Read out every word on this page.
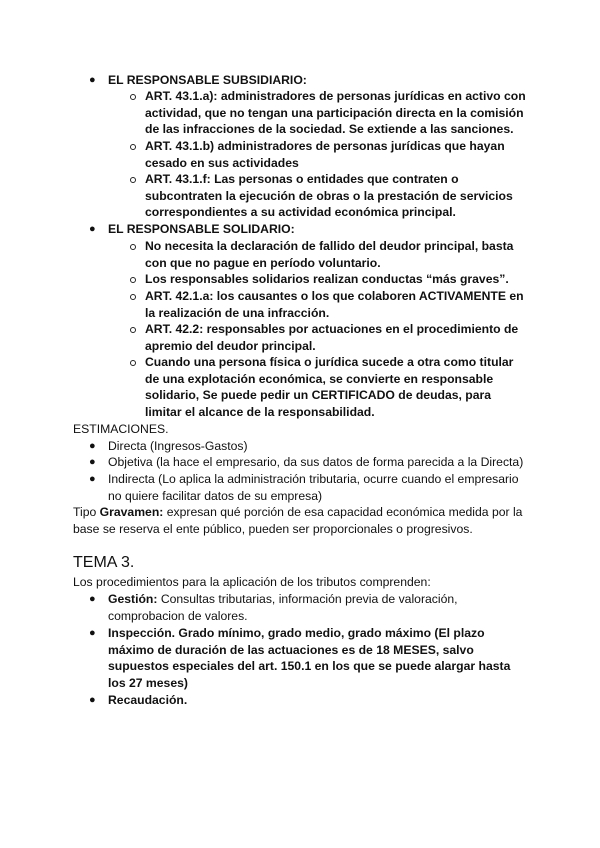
● EL RESPONSABLE SUBSIDIARIO:
ART. 43.1.a): administradores de personas jurídicas en activo con
actividad, que no tengan una participación directa en la comisión
de las infracciones de la sociedad. Se extiende a las sanciones.
ART. 43.1.b) administradores de personas jurídicas que hayan
cesado en sus actividades
ART. 43.1.f: Las personas o entidades que contraten o
subcontraten la ejecución de obras o la prestación de servicios
correspondientes a su actividad económica principal.
● EL RESPONSABLE SOLIDARIO:
No necesita la declaración de fallido del deudor principal, basta
con que no pague en período voluntario.
Los responsables solidarios realizan conductas “más graves”.
ART. 42.1.a: los causantes o los que colaboren ACTIVAMENTE en
la realización de una infracción.
ART. 42.2: responsables por actuaciones en el procedimiento de
apremio del deudor principal.
Cuando una persona física o jurídica sucede a otra como titular
de una explotación económica, se convierte en responsable
solidario, Se puede pedir un CERTIFICADO de deudas, para
limitar el alcance de la responsabilidad.
ESTIMACIONES.
● Directa (Ingresos-Gastos)
● Objetiva (la hace el empresario, da sus datos de forma parecida a la Directa)
● Indirecta (Lo aplica la administración tributaria, ocurre cuando el empresario
no quiere facilitar datos de su empresa)
Tipo Gravamen: expresan qué porción de esa capacidad económica medida por la
base se reserva el ente público, pueden ser proporcionales o progresivos.
TEMA 3.
Los procedimientos para la aplicación de los tributos comprenden:
● Gestión: Consultas tributarias, información previa de valoración,
comprobacion de valores.
● Inspección. Grado mínimo, grado medio, grado máximo (El plazo
máximo de duración de las actuaciones es de 18 MESES, salvo
supuestos especiales del art. 150.1 en los que se puede alargar hasta
los 27 meses)
● Recaudación.
